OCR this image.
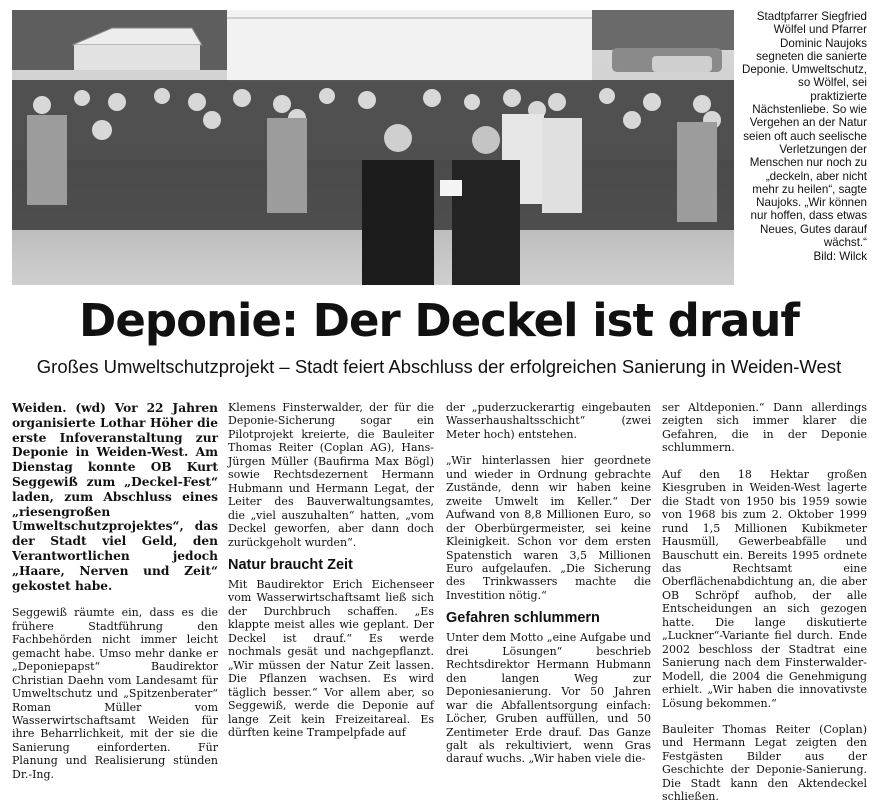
Stadtpfarrer Siegfried Wölfel und Pfarrer Dominic Naujoks segneten die sanierte Deponie. Umweltschutz, so Wölfel, sei praktizierte Nächstenliebe. So wie Vergehen an der Natur seien oft auch seelische Verletzungen der Menschen nur noch zu „deckeln, aber nicht mehr zu heilen“, sagte Naujoks. „Wir können nur hoffen, dass etwas Neues, Gutes darauf wächst.“
Bild: Wilck
Deponie: Der Deckel ist drauf
Großes Umweltschutzprojekt – Stadt feiert Abschluss der erfolgreichen Sanierung in Weiden-West

Weiden. (wd) Vor 22 Jahren organisierte Lothar Höher die erste Infoveranstaltung zur Deponie in Weiden-West. Am Dienstag konnte OB Kurt Seggewiß zum „Deckel-Fest“ laden, zum Abschluss eines „riesengroßen Umweltschutzprojektes“, das der Stadt viel Geld, den Verantwortlichen jedoch „Haare, Nerven und Zeit“ gekostet habe.

Seggewiß räumte ein, dass es die frühere Stadtführung den Fachbehörden nicht immer leicht gemacht habe. Umso mehr danke er „Deponiepapst“ Baudirektor Christian Daehn vom Landesamt für Umweltschutz und „Spitzenberater“ Roman Müller vom Wasserwirtschaftsamt Weiden für ihre Beharrlichkeit, mit der sie die Sanierung einforderten. Für Planung und Realisierung stünden Dr.-Ing.

Klemens Finsterwalder, der für die Deponie-Sicherung sogar ein Pilotprojekt kreierte, die Bauleiter Thomas Reiter (Coplan AG), Hans-Jürgen Müller (Baufirma Max Bögl) sowie Rechtsdezernent Hermann Hubmann und Hermann Legat, der Leiter des Bauverwaltungsamtes, die „viel auszuhalten“ hatten, „vom Deckel geworfen, aber dann doch zurückgeholt wurden“.

Natur braucht Zeit

Mit Baudirektor Erich Eichenseer vom Wasserwirtschaftsamt ließ sich der Durchbruch schaffen. „Es klappte meist alles wie geplant. Der Deckel ist drauf.“ Es werde nochmals gesät und nachgepflanzt. „Wir müssen der Natur Zeit lassen. Die Pflanzen wachsen. Es wird täglich besser.“ Vor allem aber, so Seggewiß, werde die Deponie auf lange Zeit kein Freizeitareal. Es dürften keine Trampelpfade auf

der „puderzuckerartig eingebauten Wasserhaushaltsschicht“ (zwei Meter hoch) entstehen.

„Wir hinterlassen hier geordnete und wieder in Ordnung gebrachte Zustände, denn wir haben keine zweite Umwelt im Keller.“ Der Aufwand von 8,8 Millionen Euro, so der Oberbürgermeister, sei keine Kleinigkeit. Schon vor dem ersten Spatenstich waren 3,5 Millionen Euro aufgelaufen. „Die Sicherung des Trinkwassers machte die Investition nötig.“

Gefahren schlummern

Unter dem Motto „eine Aufgabe und drei Lösungen“ beschrieb Rechtsdirektor Hermann Hubmann den langen Weg zur Deponiesanierung. Vor 50 Jahren war die Abfallentsorgung einfach: Löcher, Gruben auffüllen, und 50 Zentimeter Erde drauf. Das Ganze galt als rekultiviert, wenn Gras darauf wuchs. „Wir haben viele die-

ser Altdeponien.“ Dann allerdings zeigten sich immer klarer die Gefahren, die in der Deponie schlummern.

Auf den 18 Hektar großen Kiesgruben in Weiden-West lagerte die Stadt von 1950 bis 1959 sowie von 1968 bis zum 2. Oktober 1999 rund 1,5 Millionen Kubikmeter Hausmüll, Gewerbeabfälle und Bauschutt ein. Bereits 1995 ordnete das Rechtsamt eine Oberflächenabdichtung an, die aber OB Schröpf aufhob, der alle Entscheidungen an sich gezogen hatte. Die lange diskutierte „Luckner“-Variante fiel durch. Ende 2002 beschloss der Stadtrat eine Sanierung nach dem Finsterwalder-Modell, die 2004 die Genehmigung erhielt. „Wir haben die innovativste Lösung bekommen.“

Bauleiter Thomas Reiter (Coplan) und Hermann Legat zeigten den Festgästen Bilder aus der Geschichte der Deponie-Sanierung. Die Stadt kann den Aktendeckel schließen.
